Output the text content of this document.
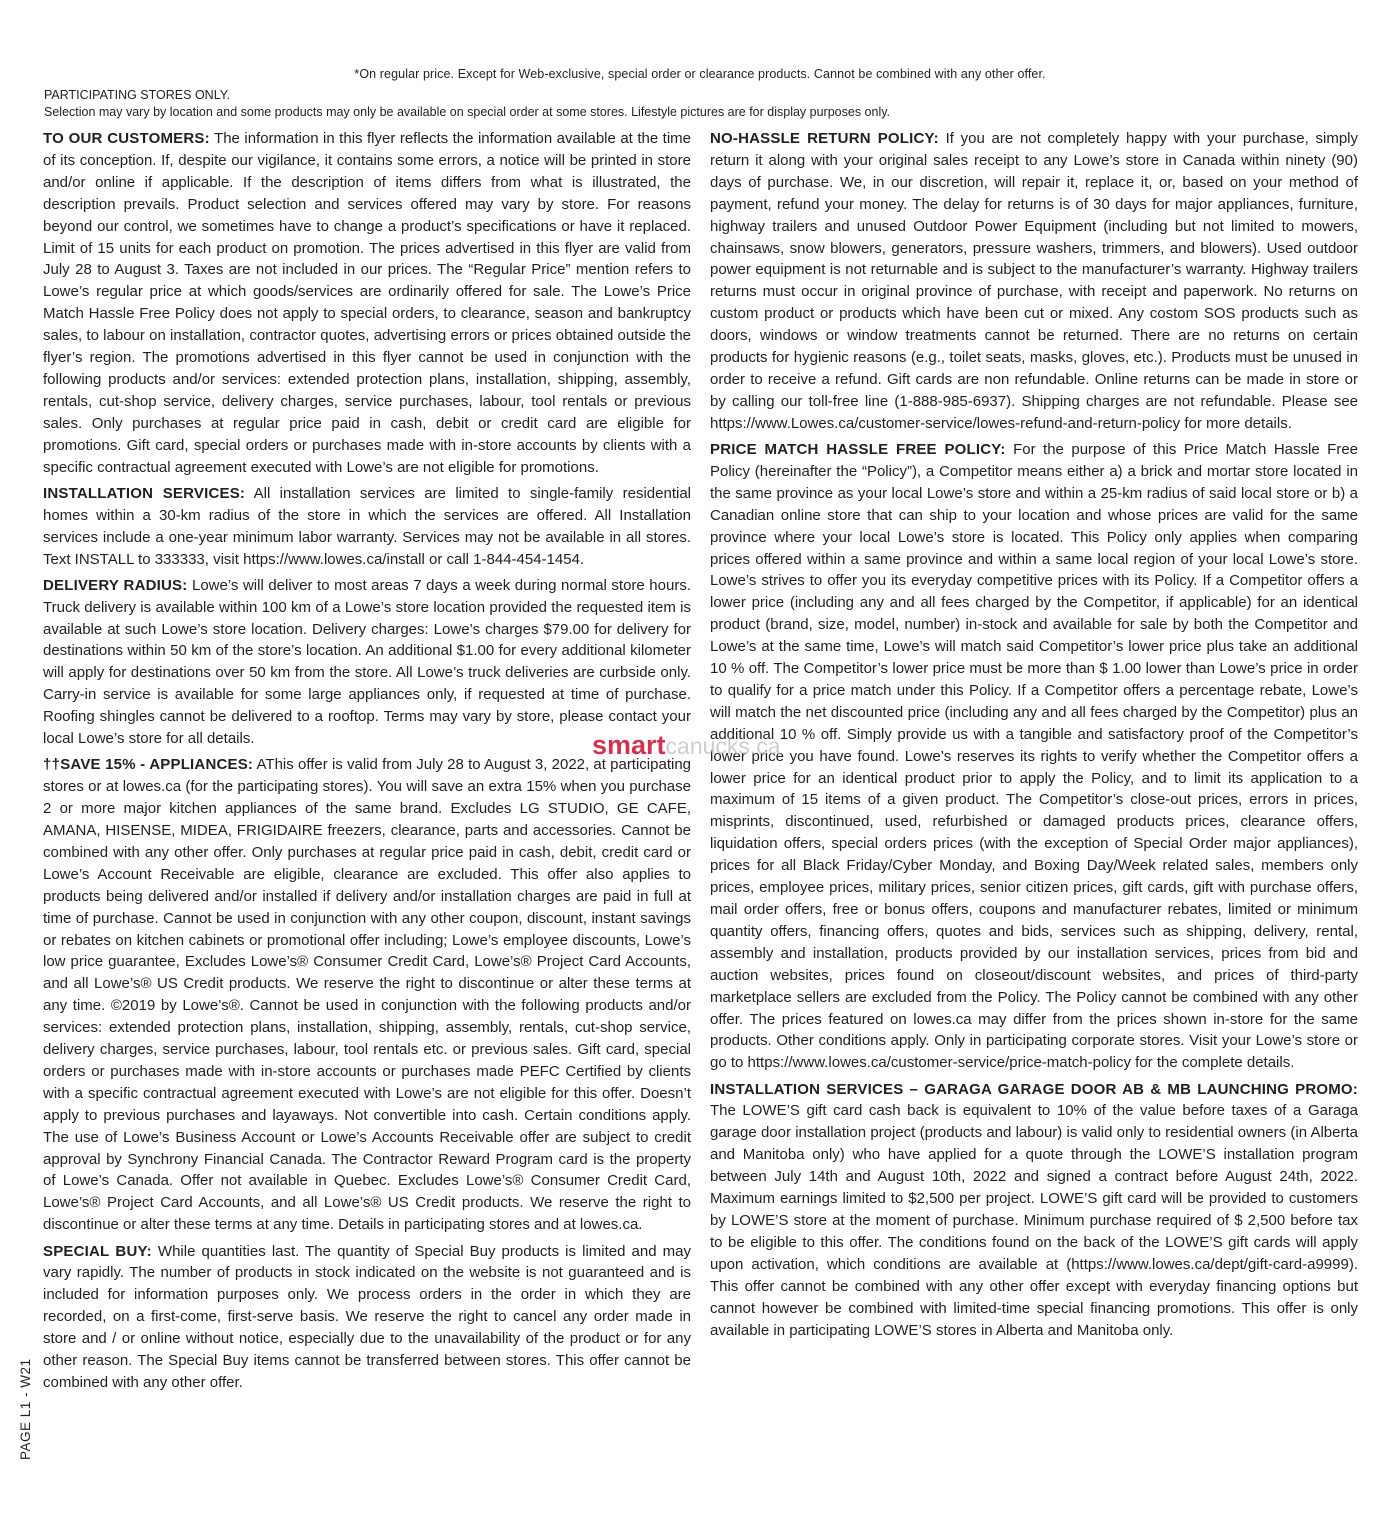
*On regular price. Except for Web-exclusive, special order or clearance products. Cannot be combined with any other offer.
PARTICIPATING STORES ONLY.
Selection may vary by location and some products may only be available on special order at some stores. Lifestyle pictures are for display purposes only.

TO OUR CUSTOMERS: The information in this flyer reflects the information available at the time of its conception. If, despite our vigilance, it contains some errors, a notice will be printed in store and/or online if applicable. If the description of items differs from what is illustrated, the description prevails. Product selection and services offered may vary by store. For reasons beyond our control, we sometimes have to change a product’s specifications or have it replaced. Limit of 15 units for each product on promotion. The prices advertised in this flyer are valid from July 28 to August 3. Taxes are not included in our prices. The “Regular Price” mention refers to Lowe’s regular price at which goods/services are ordinarily offered for sale. The Lowe’s Price Match Hassle Free Policy does not apply to special orders, to clearance, season and bankruptcy sales, to labour on installation, contractor quotes, advertising errors or prices obtained outside the flyer’s region. The promotions advertised in this flyer cannot be used in conjunction with the following products and/or services: extended protection plans, installation, shipping, assembly, rentals, cut-shop service, delivery charges, service purchases, labour, tool rentals or previous sales. Only purchases at regular price paid in cash, debit or credit card are eligible for promotions. Gift card, special orders or purchases made with in-store accounts by clients with a specific contractual agreement executed with Lowe’s are not eligible for promotions.

INSTALLATION SERVICES: All installation services are limited to single-family residential homes within a 30-km radius of the store in which the services are offered. All Installation services include a one-year minimum labor warranty. Services may not be available in all stores. Text INSTALL to 333333, visit https://www.lowes.ca/install or call 1-844-454-1454.

DELIVERY RADIUS: Lowe’s will deliver to most areas 7 days a week during normal store hours. Truck delivery is available within 100 km of a Lowe’s store location provided the requested item is available at such Lowe’s store location. Delivery charges: Lowe’s charges $79.00 for delivery for destinations within 50 km of the store’s location. An additional $1.00 for every additional kilometer will apply for destinations over 50 km from the store. All Lowe’s truck deliveries are curbside only. Carry-in service is available for some large appliances only, if requested at time of purchase. Roofing shingles cannot be delivered to a rooftop. Terms may vary by store, please contact your local Lowe’s store for all details.

††SAVE 15% - APPLIANCES: AThis offer is valid from July 28 to August 3, 2022, at participating stores or at lowes.ca (for the participating stores). You will save an extra 15% when you purchase 2 or more major kitchen appliances of the same brand. Excludes LG STUDIO, GE CAFE, AMANA, HISENSE, MIDEA, FRIGIDAIRE freezers, clearance, parts and accessories. Cannot be combined with any other offer. Only purchases at regular price paid in cash, debit, credit card or Lowe’s Account Receivable are eligible, clearance are excluded. This offer also applies to products being delivered and/or installed if delivery and/or installation charges are paid in full at time of purchase. Cannot be used in conjunction with any other coupon, discount, instant savings or rebates on kitchen cabinets or promotional offer including; Lowe’s employee discounts, Lowe’s low price guarantee, Excludes Lowe’s® Consumer Credit Card, Lowe’s® Project Card Accounts, and all Lowe’s® US Credit products. We reserve the right to discontinue or alter these terms at any time. ©2019 by Lowe’s®. Cannot be used in conjunction with the following products and/or services: extended protection plans, installation, shipping, assembly, rentals, cut-shop service, delivery charges, service purchases, labour, tool rentals etc. or previous sales. Gift card, special orders or purchases made with in-store accounts or purchases made PEFC Certified by clients with a specific contractual agreement executed with Lowe’s are not eligible for this offer. Doesn’t apply to previous purchases and layaways. Not convertible into cash. Certain conditions apply. The use of Lowe’s Business Account or Lowe’s Accounts Receivable offer are subject to credit approval by Synchrony Financial Canada. The Contractor Reward Program card is the property of Lowe’s Canada. Offer not available in Quebec. Excludes Lowe’s® Consumer Credit Card, Lowe’s® Project Card Accounts, and all Lowe’s® US Credit products. We reserve the right to discontinue or alter these terms at any time. Details in participating stores and at lowes.ca.

SPECIAL BUY: While quantities last. The quantity of Special Buy products is limited and may vary rapidly. The number of products in stock indicated on the website is not guaranteed and is included for information purposes only. We process orders in the order in which they are recorded, on a first-come, first-serve basis. We reserve the right to cancel any order made in store and / or online without notice, especially due to the unavailability of the product or for any other reason. The Special Buy items cannot be transferred between stores. This offer cannot be combined with any other offer.

NO-HASSLE RETURN POLICY: If you are not completely happy with your purchase, simply return it along with your original sales receipt to any Lowe’s store in Canada within ninety (90) days of purchase. We, in our discretion, will repair it, replace it, or, based on your method of payment, refund your money. The delay for returns is of 30 days for major appliances, furniture, highway trailers and unused Outdoor Power Equipment (including but not limited to mowers, chainsaws, snow blowers, generators, pressure washers, trimmers, and blowers). Used outdoor power equipment is not returnable and is subject to the manufacturer’s warranty. Highway trailers returns must occur in original province of purchase, with receipt and paperwork. No returns on custom product or products which have been cut or mixed. Any costom SOS products such as doors, windows or window treatments cannot be returned. There are no returns on certain products for hygienic reasons (e.g., toilet seats, masks, gloves, etc.). Products must be unused in order to receive a refund. Gift cards are non refundable. Online returns can be made in store or by calling our toll-free line (1-888-985-6937). Shipping charges are not refundable. Please see https://www.Lowes.ca/customer-service/lowes-refund-and-return-policy for more details.

PRICE MATCH HASSLE FREE POLICY: For the purpose of this Price Match Hassle Free Policy (hereinafter the “Policy”), a Competitor means either a) a brick and mortar store located in the same province as your local Lowe’s store and within a 25-km radius of said local store or b) a Canadian online store that can ship to your location and whose prices are valid for the same province where your local Lowe’s store is located. This Policy only applies when comparing prices offered within a same province and within a same local region of your local Lowe’s store. Lowe’s strives to offer you its everyday competitive prices with its Policy. If a Competitor offers a lower price (including any and all fees charged by the Competitor, if applicable) for an identical product (brand, size, model, number) in-stock and available for sale by both the Competitor and Lowe’s at the same time, Lowe’s will match said Competitor’s lower price plus take an additional 10 % off. The Competitor’s lower price must be more than $ 1.00 lower than Lowe’s price in order to qualify for a price match under this Policy. If a Competitor offers a percentage rebate, Lowe’s will match the net discounted price (including any and all fees charged by the Competitor) plus an additional 10 % off. Simply provide us with a tangible and satisfactory proof of the Competitor’s lower price you have found. Lowe’s reserves its rights to verify whether the Competitor offers a lower price for an identical product prior to apply the Policy, and to limit its application to a maximum of 15 items of a given product. The Competitor’s close-out prices, errors in prices, misprints, discontinued, used, refurbished or damaged products prices, clearance offers, liquidation offers, special orders prices (with the exception of Special Order major appliances), prices for all Black Friday/Cyber Monday, and Boxing Day/Week related sales, members only prices, employee prices, military prices, senior citizen prices, gift cards, gift with purchase offers, mail order offers, free or bonus offers, coupons and manufacturer rebates, limited or minimum quantity offers, financing offers, quotes and bids, services such as shipping, delivery, rental, assembly and installation, products provided by our installation services, prices from bid and auction websites, prices found on closeout/discount websites, and prices of third-party marketplace sellers are excluded from the Policy. The Policy cannot be combined with any other offer. The prices featured on lowes.ca may differ from the prices shown in-store for the same products. Other conditions apply. Only in participating corporate stores. Visit your Lowe’s store or go to https://www.lowes.ca/customer-service/price-match-policy for the complete details.

INSTALLATION SERVICES – GARAGA GARAGE DOOR AB & MB LAUNCHING PROMO: The LOWE’S gift card cash back is equivalent to 10% of the value before taxes of a Garaga garage door installation project (products and labour) is valid only to residential owners (in Alberta and Manitoba only) who have applied for a quote through the LOWE’S installation program between July 14th and August 10th, 2022 and signed a contract before August 24th, 2022. Maximum earnings limited to $2,500 per project. LOWE’S gift card will be provided to customers by LOWE’S store at the moment of purchase. Minimum purchase required of $ 2,500 before tax to be eligible to this offer. The conditions found on the back of the LOWE’S gift cards will apply upon activation, which conditions are available at (https://www.lowes.ca/dept/gift-card-a9999). This offer cannot be combined with any other offer except with everyday financing options but cannot however be combined with limited-time special financing promotions. This offer is only available in participating LOWE’S stores in Alberta and Manitoba only.

PAGE L1 - W21
smartcanucks.ca
